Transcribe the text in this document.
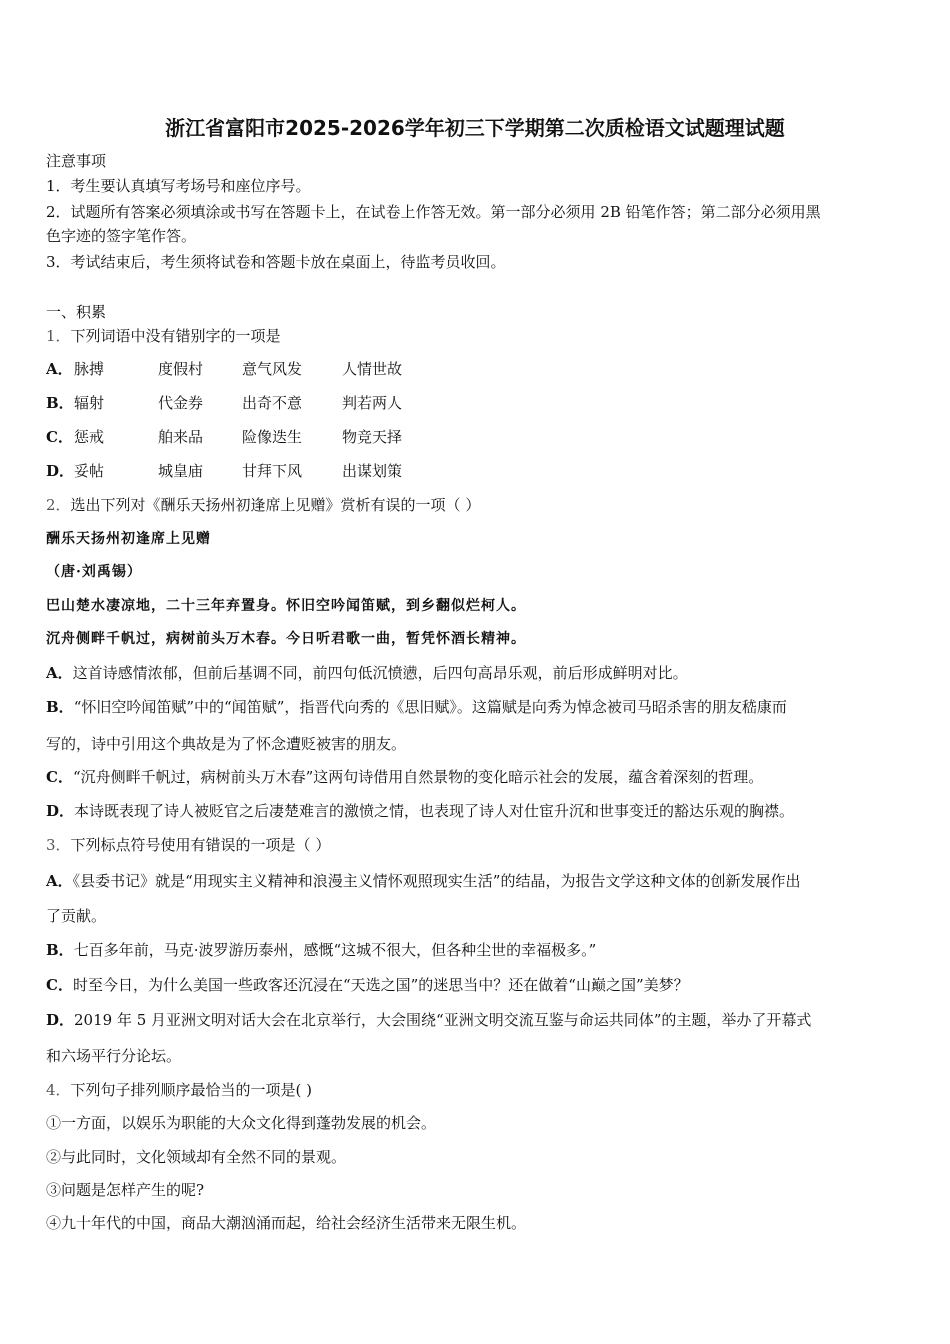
浙江省富阳市2025-2026学年初三下学期第二次质检语文试题理试题
注意事项
1．考生要认真填写考场号和座位序号。
2．试题所有答案必须填涂或书写在答题卡上，在试卷上作答无效。第一部分必须用 2B 铅笔作答；第二部分必须用黑
色字迹的签字笔作答。
3．考试结束后，考生须将试卷和答题卡放在桌面上，待监考员收回。
一、积累
1．下列词语中没有错别字的一项是
A．脉搏	度假村	意气风发	人情世故
B．辐射	代金券	出奇不意	判若两人
C．惩戒	舶来品	险像迭生	物竞天择
D．妥帖	城皇庙	甘拜下风	出谋划策
2．选出下列对《酬乐天扬州初逢席上见赠》赏析有误的一项（ ）
酬乐天扬州初逢席上见赠
（唐·刘禹锡）
巴山楚水凄凉地，二十三年弃置身。怀旧空吟闻笛赋，到乡翻似烂柯人。
沉舟侧畔千帆过，病树前头万木春。今日听君歌一曲，暂凭怀酒长精神。
A．这首诗感情浓郁，但前后基调不同，前四句低沉愤懑，后四句高昂乐观，前后形成鲜明对比。
B．“怀旧空吟闻笛赋”中的“闻笛赋”，指晋代向秀的《思旧赋》。这篇赋是向秀为悼念被司马昭杀害的朋友嵇康而
写的，诗中引用这个典故是为了怀念遭贬被害的朋友。
C．“沉舟侧畔千帆过，病树前头万木春”这两句诗借用自然景物的变化暗示社会的发展，蕴含着深刻的哲理。
D．本诗既表现了诗人被贬官之后凄楚难言的激愤之情，也表现了诗人对仕宦升沉和世事变迁的豁达乐观的胸襟。
3．下列标点符号使用有错误的一项是（ ）
A．《县委书记》就是“用现实主义精神和浪漫主义情怀观照现实生活”的结晶，为报告文学这种文体的创新发展作出
了贡献。
B．七百多年前，马克·波罗游历泰州，感慨“这城不很大，但各种尘世的幸福极多。”
C．时至今日，为什么美国一些政客还沉浸在“天选之国”的迷思当中？还在做着“山巅之国”美梦？
D．2019 年 5 月亚洲文明对话大会在北京举行，大会围绕“亚洲文明交流互鉴与命运共同体”的主题，举办了开幕式
和六场平行分论坛。
4．下列句子排列顺序最恰当的一项是( )
①一方面，以娱乐为职能的大众文化得到蓬勃发展的机会。
②与此同时，文化领域却有全然不同的景观。
③问题是怎样产生的呢?
④九十年代的中国，商品大潮汹涌而起，给社会经济生活带来无限生机。
